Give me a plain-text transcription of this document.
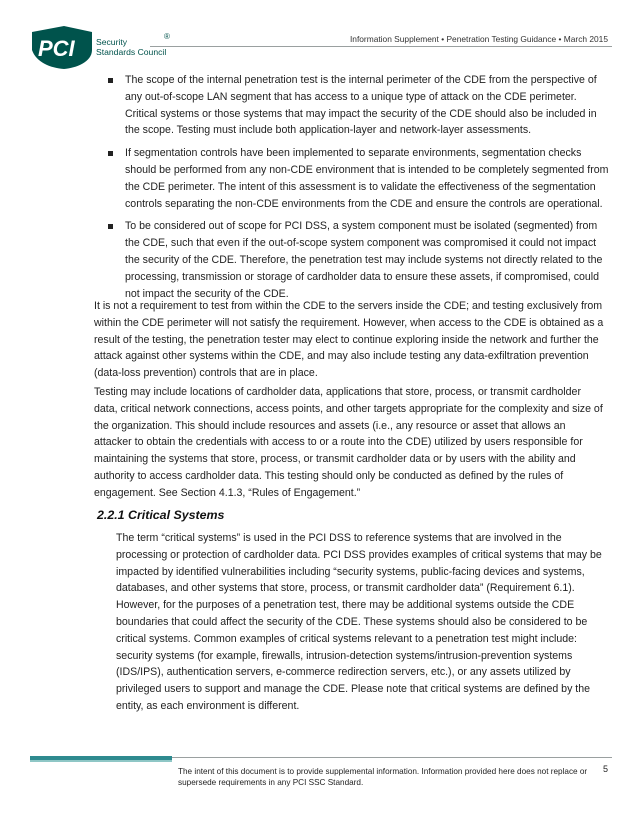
PCI Security
Standards Council
®	Information Supplement • Penetration Testing Guidance • March 2015
The scope of the internal penetration test is the internal perimeter of the CDE from the perspective of any out-of-scope LAN segment that has access to a unique type of attack on the CDE perimeter. Critical systems or those systems that may impact the security of the CDE should also be included in the scope. Testing must include both application-layer and network-layer assessments.
If segmentation controls have been implemented to separate environments, segmentation checks should be performed from any non-CDE environment that is intended to be completely segmented from the CDE perimeter. The intent of this assessment is to validate the effectiveness of the segmentation controls separating the non-CDE environments from the CDE and ensure the controls are operational.
To be considered out of scope for PCI DSS, a system component must be isolated (segmented) from the CDE, such that even if the out-of-scope system component was compromised it could not impact the security of the CDE. Therefore, the penetration test may include systems not directly related to the processing, transmission or storage of cardholder data to ensure these assets, if compromised, could not impact the security of the CDE.
It is not a requirement to test from within the CDE to the servers inside the CDE; and testing exclusively from within the CDE perimeter will not satisfy the requirement. However, when access to the CDE is obtained as a result of the testing, the penetration tester may elect to continue exploring inside the network and further the attack against other systems within the CDE, and may also include testing any data-exfiltration prevention (data-loss prevention) controls that are in place.
Testing may include locations of cardholder data, applications that store, process, or transmit cardholder data, critical network connections, access points, and other targets appropriate for the complexity and size of the organization. This should include resources and assets (i.e., any resource or asset that allows an attacker to obtain the credentials with access to or a route into the CDE) utilized by users responsible for maintaining the systems that store, process, or transmit cardholder data or by users with the ability and authority to access cardholder data. This testing should only be conducted as defined by the rules of engagement. See Section 4.1.3, “Rules of Engagement.”
2.2.1 Critical Systems
The term “critical systems” is used in the PCI DSS to reference systems that are involved in the processing or protection of cardholder data. PCI DSS provides examples of critical systems that may be impacted by identified vulnerabilities including “security systems, public-facing devices and systems, databases, and other systems that store, process, or transmit cardholder data” (Requirement 6.1). However, for the purposes of a penetration test, there may be additional systems outside the CDE boundaries that could affect the security of the CDE. These systems should also be considered to be critical systems. Common examples of critical systems relevant to a penetration test might include: security systems (for example, firewalls, intrusion-detection systems/intrusion-prevention systems (IDS/IPS), authentication servers, e-commerce redirection servers, etc.), or any assets utilized by privileged users to support and manage the CDE. Please note that critical systems are defined by the entity, as each environment is different.
The intent of this document is to provide supplemental information. Information provided here does not replace or supersede requirements in any PCI SSC Standard.
5
